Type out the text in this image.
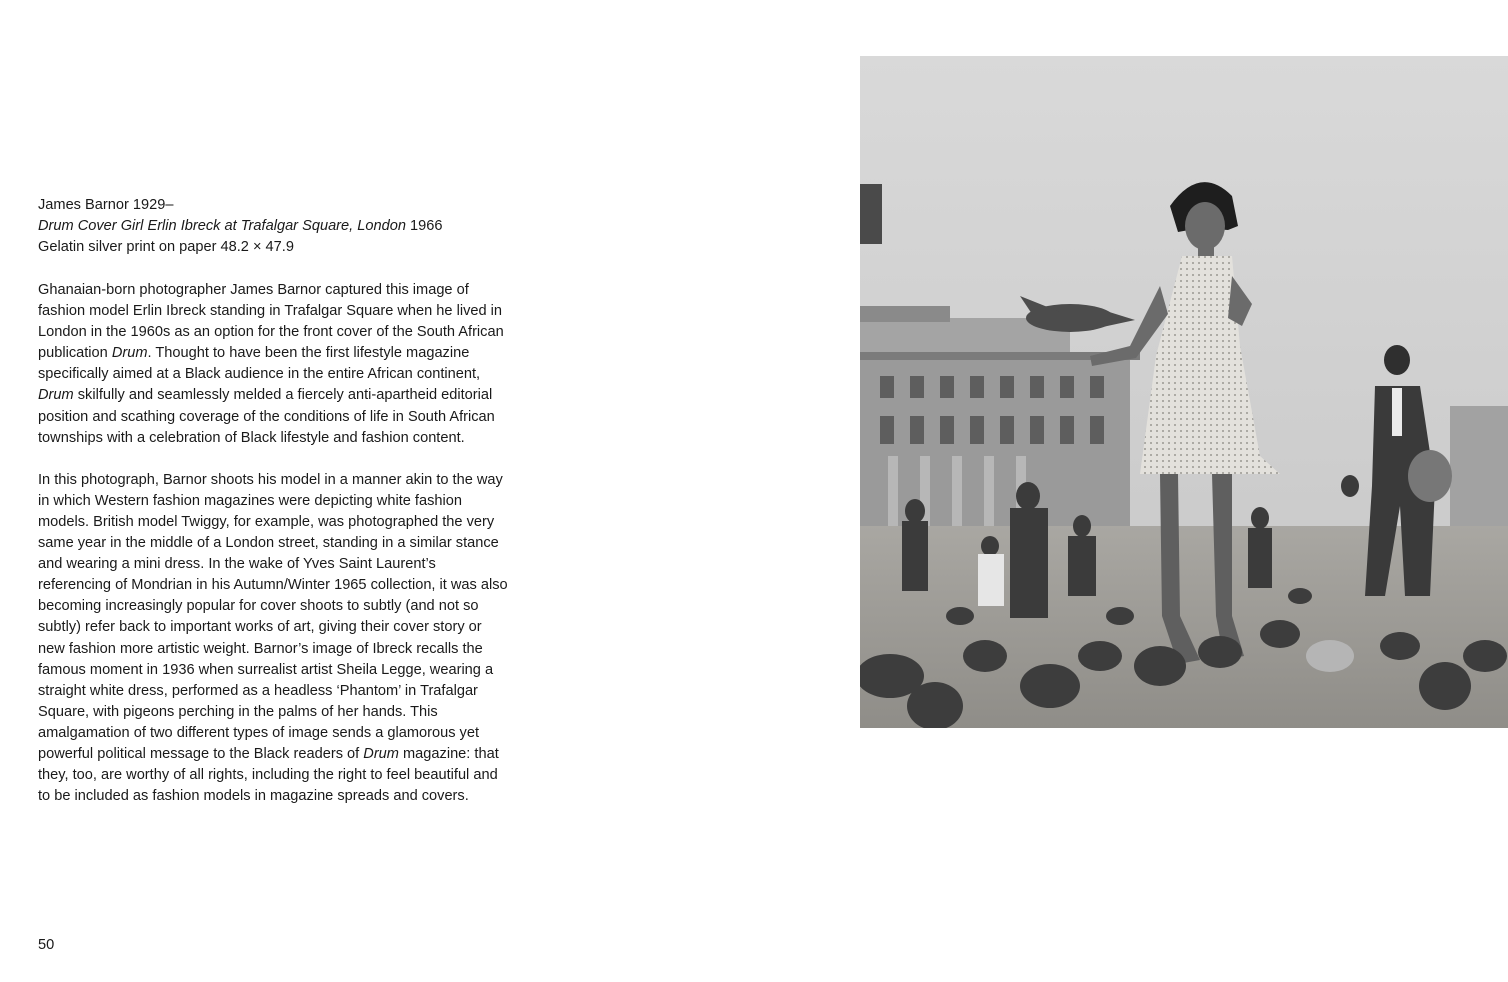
James Barnor 1929–

Drum Cover Girl Erlin Ibreck at Trafalgar Square, London 1966

Gelatin silver print on paper 48.2 × 47.9

Ghanaian-born photographer James Barnor captured this image of fashion model Erlin Ibreck standing in Trafalgar Square when he lived in London in the 1960s as an option for the front cover of the South African publication Drum. Thought to have been the first lifestyle magazine specifically aimed at a Black audience in the entire African continent, Drum skilfully and seamlessly melded a fiercely anti-apartheid editorial position and scathing coverage of the conditions of life in South African townships with a celebration of Black lifestyle and fashion content.

In this photograph, Barnor shoots his model in a manner akin to the way in which Western fashion magazines were depicting white fashion models. British model Twiggy, for example, was photographed the very same year in the middle of a London street, standing in a similar stance and wearing a mini dress. In the wake of Yves Saint Laurent’s referencing of Mondrian in his Autumn/Winter 1965 collection, it was also becoming increasingly popular for cover shoots to subtly (and not so subtly) refer back to important works of art, giving their cover story or new fashion more artistic weight. Barnor’s image of Ibreck recalls the famous moment in 1936 when surrealist artist Sheila Legge, wearing a straight white dress, performed as a headless ‘Phantom’ in Trafalgar Square, with pigeons perching in the palms of her hands. This amalgamation of two different types of image sends a glamorous yet powerful political message to the Black readers of Drum magazine: that they, too, are worthy of all rights, including the right to feel beautiful and to be included as fashion models in magazine spreads and covers.

50
